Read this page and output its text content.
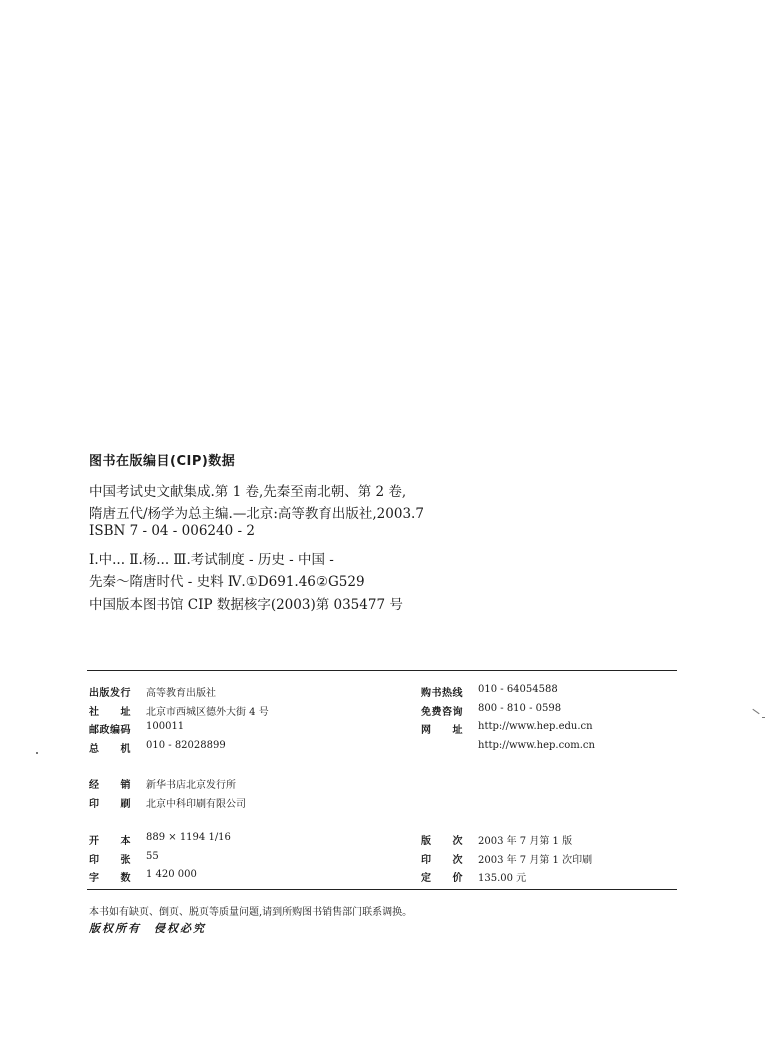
图书在版编目(CIP)数据
中国考试史文献集成.第 1 卷,先秦至南北朝、第 2 卷,
隋唐五代/杨学为总主编.—北京:高等教育出版社,2003.7
ISBN 7 - 04 - 006240 - 2
Ⅰ.中... Ⅱ.杨... Ⅲ.考试制度 - 历史 - 中国 -
先秦～隋唐时代 - 史料 Ⅳ.①D691.46②G529
中国版本图书馆 CIP 数据核字(2003)第 035477 号
出版发行 高等教育出版社
社　　址 北京市西城区德外大街 4 号
邮政编码 100011
总　　机 010 - 82028899
购书热线 010 - 64054588
免费咨询 800 - 810 - 0598
网　　址 http://www.hep.edu.cn
http://www.hep.com.cn
经　　销 新华书店北京发行所
印　　刷 北京中科印刷有限公司
开　　本 889 × 1194 1/16
印　　张 55
字　　数 1 420 000
版　　次 2003 年 7 月第 1 版
印　　次 2003 年 7 月第 1 次印刷
定　　价 135.00 元
本书如有缺页、倒页、脱页等质量问题,请到所购图书销售部门联系调换。
版权所有　侵权必究
